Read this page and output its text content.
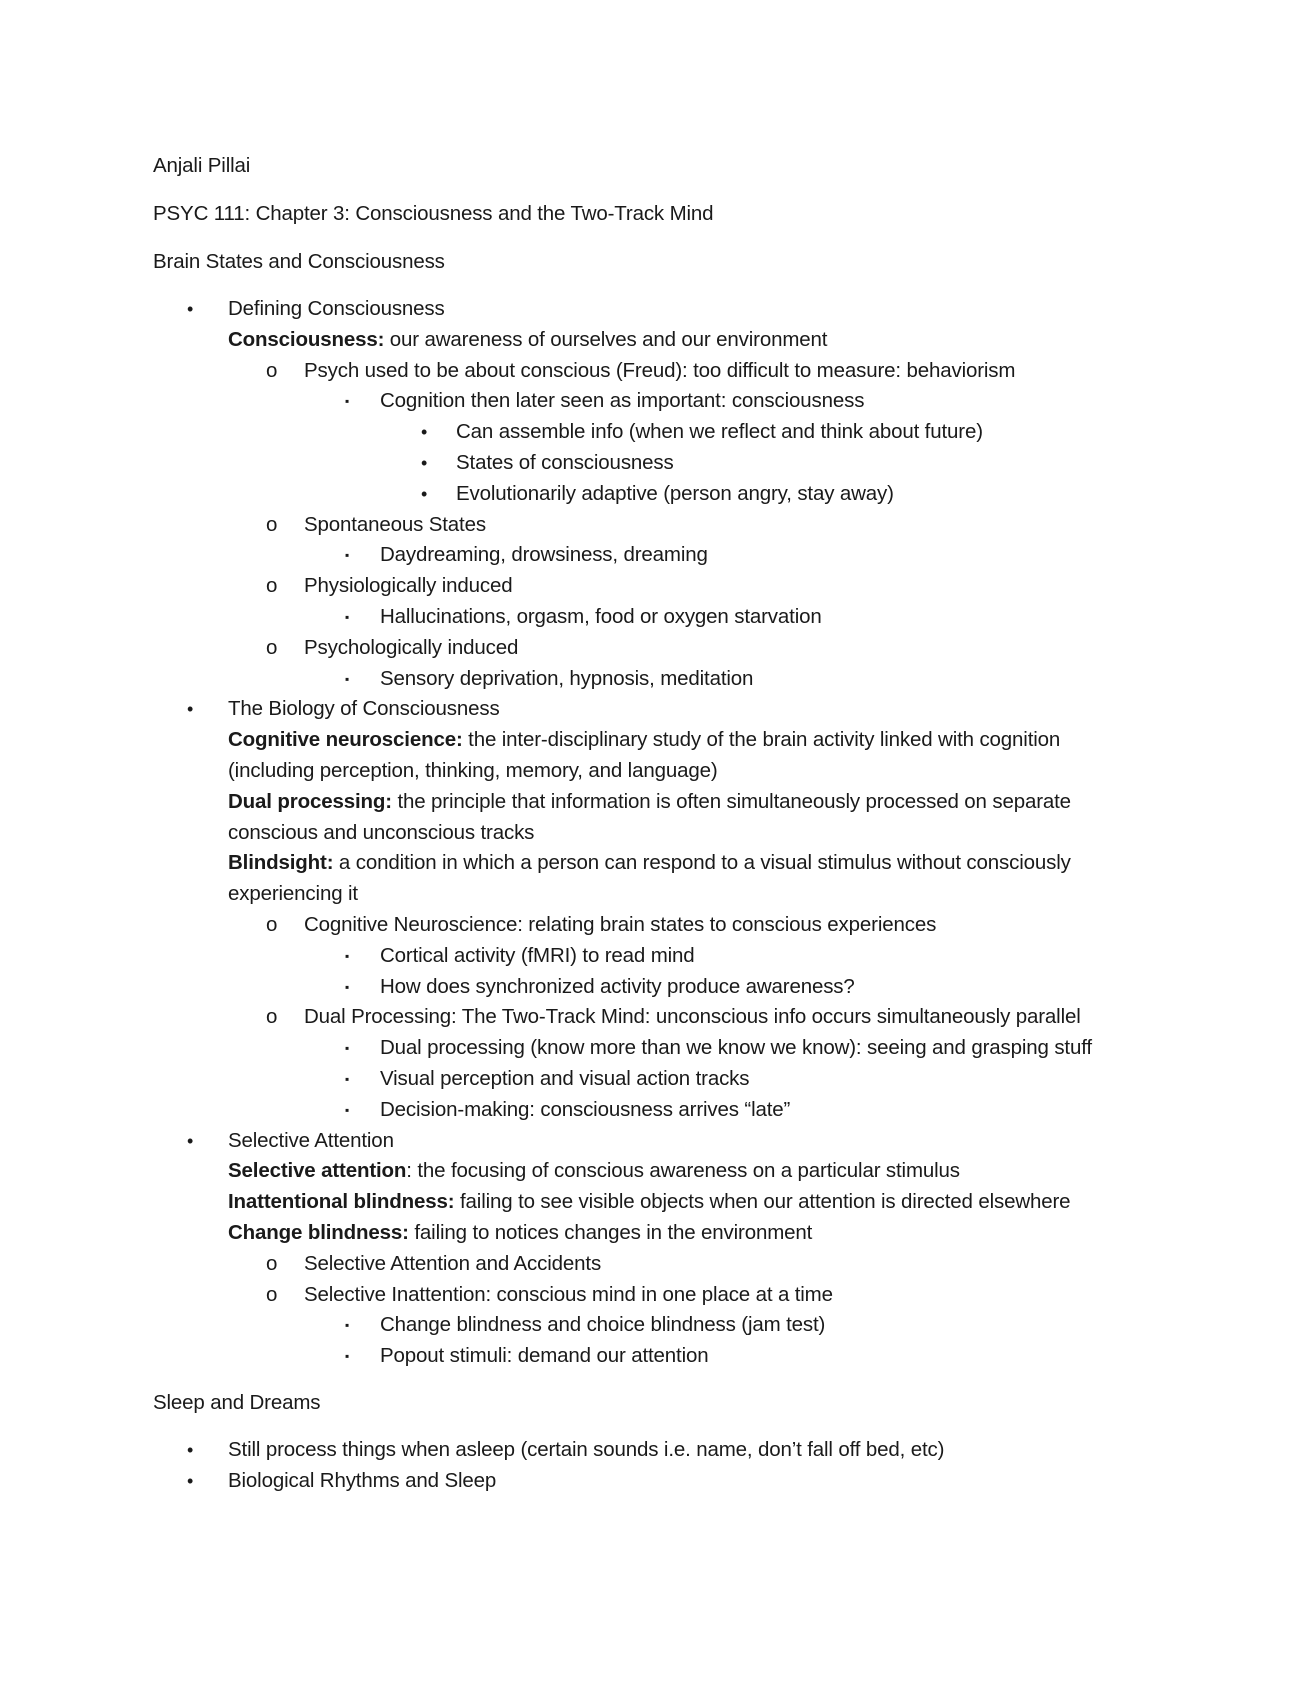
Anjali Pillai
PSYC 111: Chapter 3: Consciousness and the Two-Track Mind
Brain States and Consciousness
• Defining Consciousness
Consciousness: our awareness of ourselves and our environment
o Psych used to be about conscious (Freud): too difficult to measure: behaviorism
▪ Cognition then later seen as important: consciousness
• Can assemble info (when we reflect and think about future)
• States of consciousness
• Evolutionarily adaptive (person angry, stay away)
o Spontaneous States
▪ Daydreaming, drowsiness, dreaming
o Physiologically induced
▪ Hallucinations, orgasm, food or oxygen starvation
o Psychologically induced
▪ Sensory deprivation, hypnosis, meditation
• The Biology of Consciousness
Cognitive neuroscience: the inter-disciplinary study of the brain activity linked with cognition (including perception, thinking, memory, and language)
Dual processing: the principle that information is often simultaneously processed on separate conscious and unconscious tracks
Blindsight: a condition in which a person can respond to a visual stimulus without consciously experiencing it
o Cognitive Neuroscience: relating brain states to conscious experiences
▪ Cortical activity (fMRI) to read mind
▪ How does synchronized activity produce awareness?
o Dual Processing: The Two-Track Mind: unconscious info occurs simultaneously parallel
▪ Dual processing (know more than we know we know): seeing and grasping stuff
▪ Visual perception and visual action tracks
▪ Decision-making: consciousness arrives “late”
• Selective Attention
Selective attention: the focusing of conscious awareness on a particular stimulus
Inattentional blindness: failing to see visible objects when our attention is directed elsewhere
Change blindness: failing to notices changes in the environment
o Selective Attention and Accidents
o Selective Inattention: conscious mind in one place at a time
▪ Change blindness and choice blindness (jam test)
▪ Popout stimuli: demand our attention
Sleep and Dreams
• Still process things when asleep (certain sounds i.e. name, don’t fall off bed, etc)
• Biological Rhythms and Sleep
